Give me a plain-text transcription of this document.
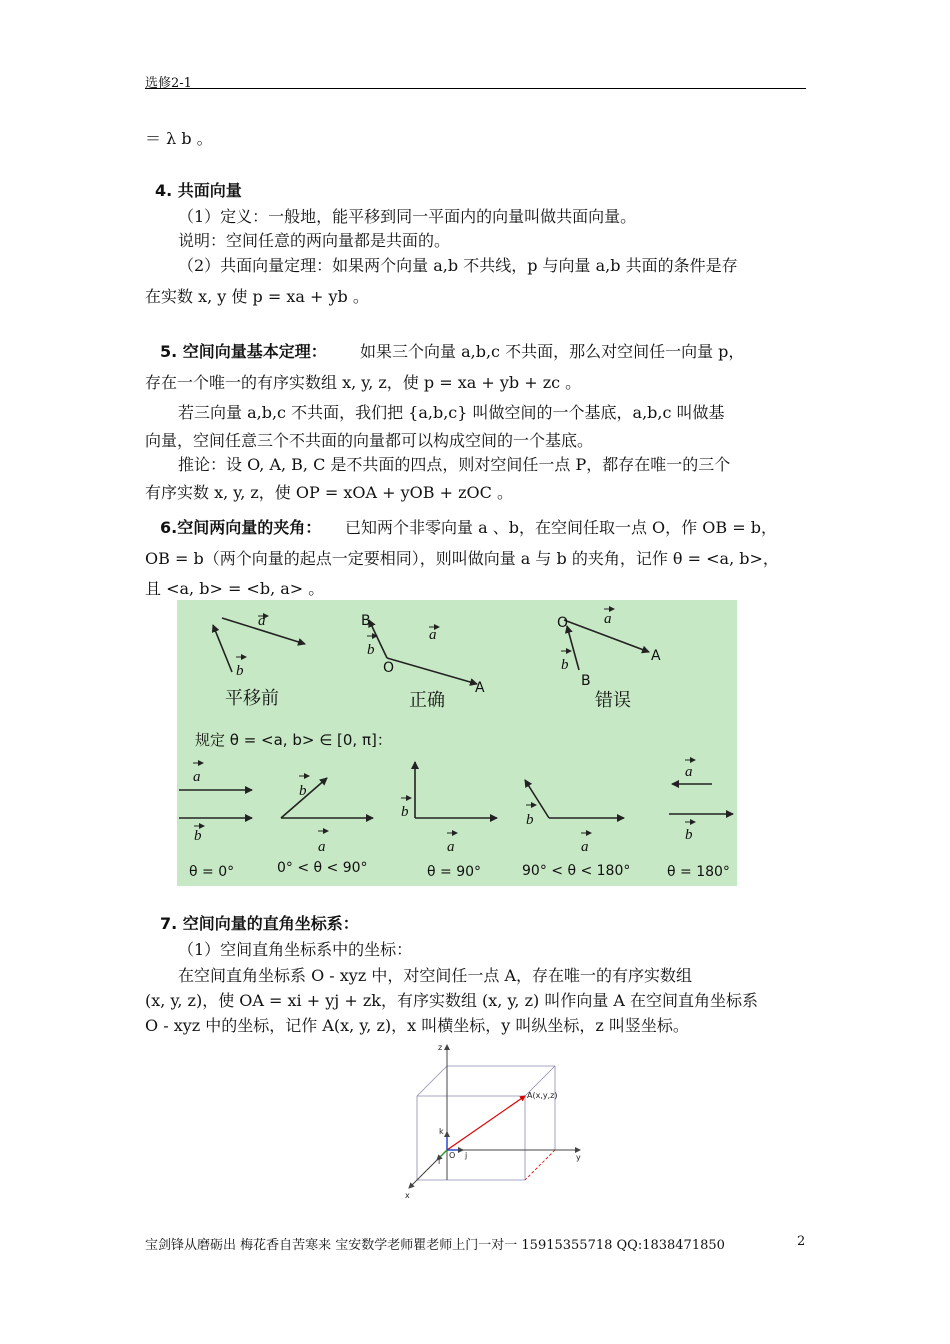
选修2-1
＝ λ b 。
4. 共面向量
（1）定义：一般地，能平移到同一平面内的向量叫做共面向量。
说明：空间任意的两向量都是共面的。
（2）共面向量定理：如果两个向量 a,b 不共线，p 与向量 a,b 共面的条件是存
在实数 x, y 使 p = xa + yb 。
5. 空间向量基本定理： 如果三个向量 a,b,c 不共面，那么对空间任一向量 p，
存在一个唯一的有序实数组 x, y, z，使 p = xa + yb + zc 。
若三向量 a,b,c 不共面，我们把 {a,b,c} 叫做空间的一个基底，a,b,c 叫做基
向量，空间任意三个不共面的向量都可以构成空间的一个基底。
推论：设 O, A, B, C 是不共面的四点，则对空间任一点 P，都存在唯一的三个
有序实数 x, y, z，使 OP = xOA + yOB + zOC 。
6.空间两向量的夹角： 已知两个非零向量 a 、b，在空间任取一点 O，作 OB = b，
OB = b（两个向量的起点一定要相同），则叫做向量 a 与 b 的夹角，记作 θ = <a, b>，
且 <a, b> = <b, a> 。
a
b
a
b
a
b
a
b
b
a
b
a
b
a
a
b
B
O
A
O
A
B
平移前	正确	错误
规定 θ = <a, b> ∈ [0, π]：
θ = 0°	0° < θ < 90°	θ = 90°	90° < θ < 180°	θ = 180°
7. 空间向量的直角坐标系：
（1）空间直角坐标系中的坐标：
在空间直角坐标系 O - xyz 中，对空间任一点 A，存在唯一的有序实数组
(x, y, z)，使 OA = xi + yj + zk，有序实数组 (x, y, z) 叫作向量 A 在空间直角坐标系
O - xyz 中的坐标，记作 A(x, y, z)，x 叫横坐标，y 叫纵坐标，z 叫竖坐标。
z
x
y
A(x,y,z)
O
i
j
k
宝剑锋从磨砺出 梅花香自苦寒来 宝安数学老师瞿老师上门一对一 15915355718 QQ:1838471850	2
